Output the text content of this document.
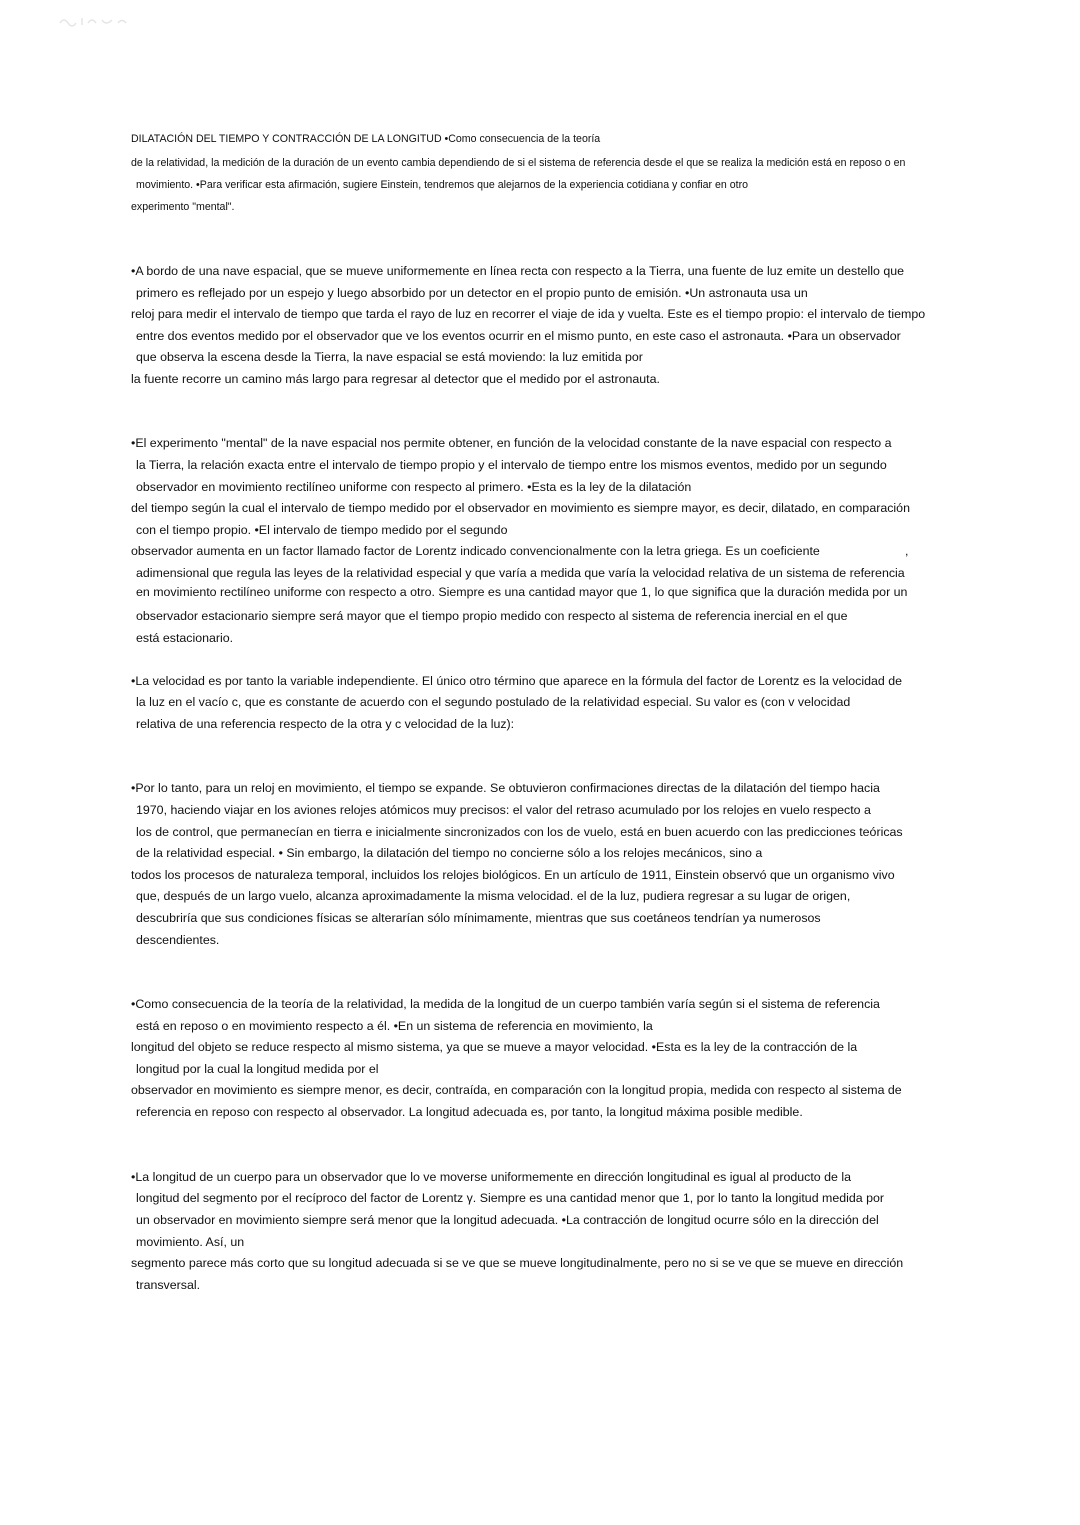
DILATACIÓN DEL TIEMPO Y CONTRACCIÓN DE LA LONGITUD •Como consecuencia de la teoría
de la relatividad, la medición de la duración de un evento cambia dependiendo de si el sistema de referencia desde el que se realiza la medición está en reposo o en
movimiento. •Para verificar esta afirmación, sugiere Einstein, tendremos que alejarnos de la experiencia cotidiana y confiar en otro
experimento "mental".
•A bordo de una nave espacial, que se mueve uniformemente en línea recta con respecto a la Tierra, una fuente de luz emite un destello que
primero es reflejado por un espejo y luego absorbido por un detector en el propio punto de emisión. •Un astronauta usa un
reloj para medir el intervalo de tiempo que tarda el rayo de luz en recorrer el viaje de ida y vuelta. Este es el tiempo propio: el intervalo de tiempo
entre dos eventos medido por el observador que ve los eventos ocurrir en el mismo punto, en este caso el astronauta. •Para un observador
que observa la escena desde la Tierra, la nave espacial se está moviendo: la luz emitida por
la fuente recorre un camino más largo para regresar al detector que el medido por el astronauta.
•El experimento "mental" de la nave espacial nos permite obtener, en función de la velocidad constante de la nave espacial con respecto a
la Tierra, la relación exacta entre el intervalo de tiempo propio y el intervalo de tiempo entre los mismos eventos, medido por un segundo
observador en movimiento rectilíneo uniforme con respecto al primero. •Esta es la ley de la dilatación
del tiempo según la cual el intervalo de tiempo medido por el observador en movimiento es siempre mayor, es decir, dilatado, en comparación
con el tiempo propio. •El intervalo de tiempo medido por el segundo
observador aumenta en un factor llamado factor de Lorentz indicado convencionalmente con la letra griega. Es un coeficiente	,
adimensional que regula las leyes de la relatividad especial y que varía a medida que varía la velocidad relativa de un sistema de referencia
en movimiento rectilíneo uniforme con respecto a otro. Siempre es una cantidad mayor que 1, lo que significa que la duración medida por un
observador estacionario siempre será mayor que el tiempo propio medido con respecto al sistema de referencia inercial en el que
está estacionario.
•La velocidad es por tanto la variable independiente. El único otro término que aparece en la fórmula del factor de Lorentz es la velocidad de
la luz en el vacío c, que es constante de acuerdo con el segundo postulado de la relatividad especial. Su valor es (con v velocidad
relativa de una referencia respecto de la otra y c velocidad de la luz):
•Por lo tanto, para un reloj en movimiento, el tiempo se expande. Se obtuvieron confirmaciones directas de la dilatación del tiempo hacia
1970, haciendo viajar en los aviones relojes atómicos muy precisos: el valor del retraso acumulado por los relojes en vuelo respecto a
los de control, que permanecían en tierra e inicialmente sincronizados con los de vuelo, está en buen acuerdo con las predicciones teóricas
de la relatividad especial. • Sin embargo, la dilatación del tiempo no concierne sólo a los relojes mecánicos, sino a
todos los procesos de naturaleza temporal, incluidos los relojes biológicos. En un artículo de 1911, Einstein observó que un organismo vivo
que, después de un largo vuelo, alcanza aproximadamente la misma velocidad. el de la luz, pudiera regresar a su lugar de origen,
descubriría que sus condiciones físicas se alterarían sólo mínimamente, mientras que sus coetáneos tendrían ya numerosos
descendientes.
•Como consecuencia de la teoría de la relatividad, la medida de la longitud de un cuerpo también varía según si el sistema de referencia
está en reposo o en movimiento respecto a él. •En un sistema de referencia en movimiento, la
longitud del objeto se reduce respecto al mismo sistema, ya que se mueve a mayor velocidad. •Esta es la ley de la contracción de la
longitud por la cual la longitud medida por el
observador en movimiento es siempre menor, es decir, contraída, en comparación con la longitud propia, medida con respecto al sistema de
referencia en reposo con respecto al observador. La longitud adecuada es, por tanto, la longitud máxima posible medible.
•La longitud de un cuerpo para un observador que lo ve moverse uniformemente en dirección longitudinal es igual al producto de la
longitud del segmento por el recíproco del factor de Lorentz γ. Siempre es una cantidad menor que 1, por lo tanto la longitud medida por
un observador en movimiento siempre será menor que la longitud adecuada. •La contracción de longitud ocurre sólo en la dirección del
movimiento. Así, un
segmento parece más corto que su longitud adecuada si se ve que se mueve longitudinalmente, pero no si se ve que se mueve en dirección
transversal.
